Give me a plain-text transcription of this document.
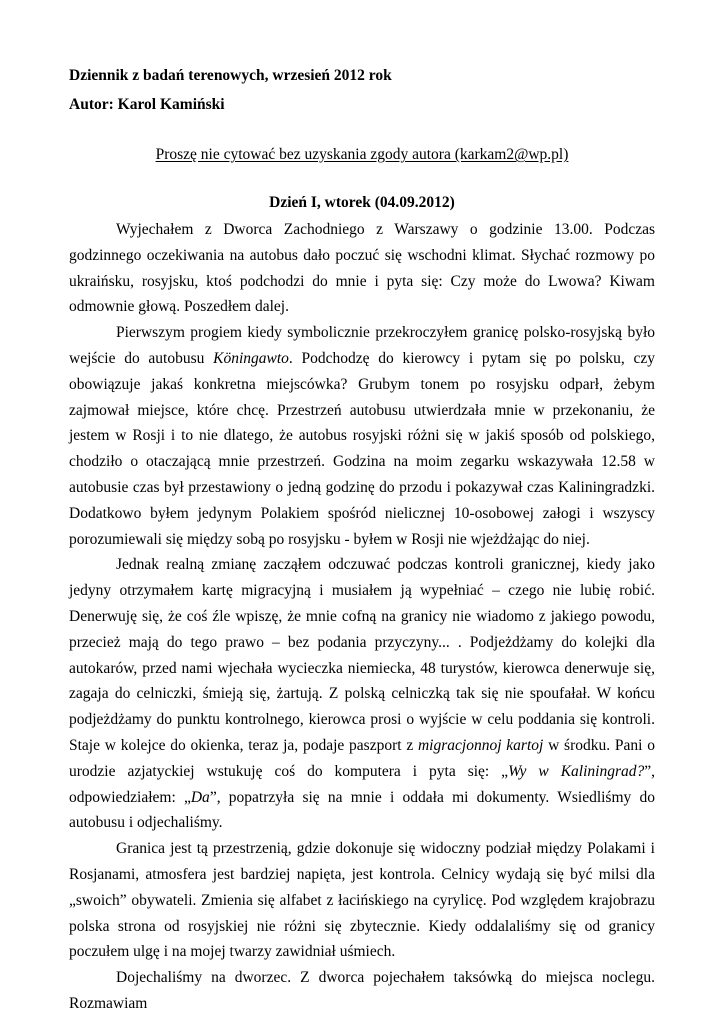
Dziennik z badań terenowych, wrzesień 2012 rok
Autor: Karol Kamiński
Proszę nie cytować bez uzyskania zgody autora (karkam2@wp.pl)
Dzień I, wtorek (04.09.2012)

Wyjechałem z Dworca Zachodniego z Warszawy o godzinie 13.00. Podczas godzinnego oczekiwania na autobus dało poczuć się wschodni klimat. Słychać rozmowy po ukraińsku, rosyjsku, ktoś podchodzi do mnie i pyta się: Czy może do Lwowa? Kiwam odmownie głową. Poszedłem dalej.

Pierwszym progiem kiedy symbolicznie przekroczyłem granicę polsko-rosyjską było wejście do autobusu Köningawto. Podchodzę do kierowcy i pytam się po polsku, czy obowiązuje jakaś konkretna miejscówka? Grubym tonem po rosyjsku odparł, żebym zajmował miejsce, które chcę. Przestrzeń autobusu utwierdzała mnie w przekonaniu, że jestem w Rosji i to nie dlatego, że autobus rosyjski różni się w jakiś sposób od polskiego, chodziło o otaczającą mnie przestrzeń. Godzina na moim zegarku wskazywała 12.58 w autobusie czas był przestawiony o jedną godzinę do przodu i pokazywał czas Kaliningradzki. Dodatkowo byłem jedynym Polakiem spośród nielicznej 10-osobowej załogi i wszyscy porozumiewali się między sobą po rosyjsku - byłem w Rosji nie wjeżdżając do niej.

Jednak realną zmianę zacząłem odczuwać podczas kontroli granicznej, kiedy jako jedyny otrzymałem kartę migracyjną i musiałem ją wypełniać – czego nie lubię robić. Denerwuję się, że coś źle wpiszę, że mnie cofną na granicy nie wiadomo z jakiego powodu, przecież mają do tego prawo – bez podania przyczyny... . Podjeżdżamy do kolejki dla autokarów, przed nami wjechała wycieczka niemiecka, 48 turystów, kierowca denerwuje się, zagaja do celniczki, śmieją się, żartują. Z polską celniczką tak się nie spoufałał. W końcu podjeżdżamy do punktu kontrolnego, kierowca prosi o wyjście w celu poddania się kontroli. Staje w kolejce do okienka, teraz ja, podaje paszport z migracjonnoj kartoj w środku. Pani o urodzie azjatyckiej wstukuję coś do komputera i pyta się: „Wy w Kaliningrad?”, odpowiedziałem: „Da”, popatrzyła się na mnie i oddała mi dokumenty. Wsiedliśmy do autobusu i odjechaliśmy.

Granica jest tą przestrzenią, gdzie dokonuje się widoczny podział między Polakami i Rosjanami, atmosfera jest bardziej napięta, jest kontrola. Celnicy wydają się być milsi dla „swoich” obywateli. Zmienia się alfabet z łacińskiego na cyrylicę. Pod względem krajobrazu polska strona od rosyjskiej nie różni się zbytecznie. Kiedy oddalaliśmy się od granicy poczułem ulgę i na mojej twarzy zawidniał uśmiech.

Dojechaliśmy na dworzec. Z dworca pojechałem taksówką do miejsca noclegu. Rozmawiam
